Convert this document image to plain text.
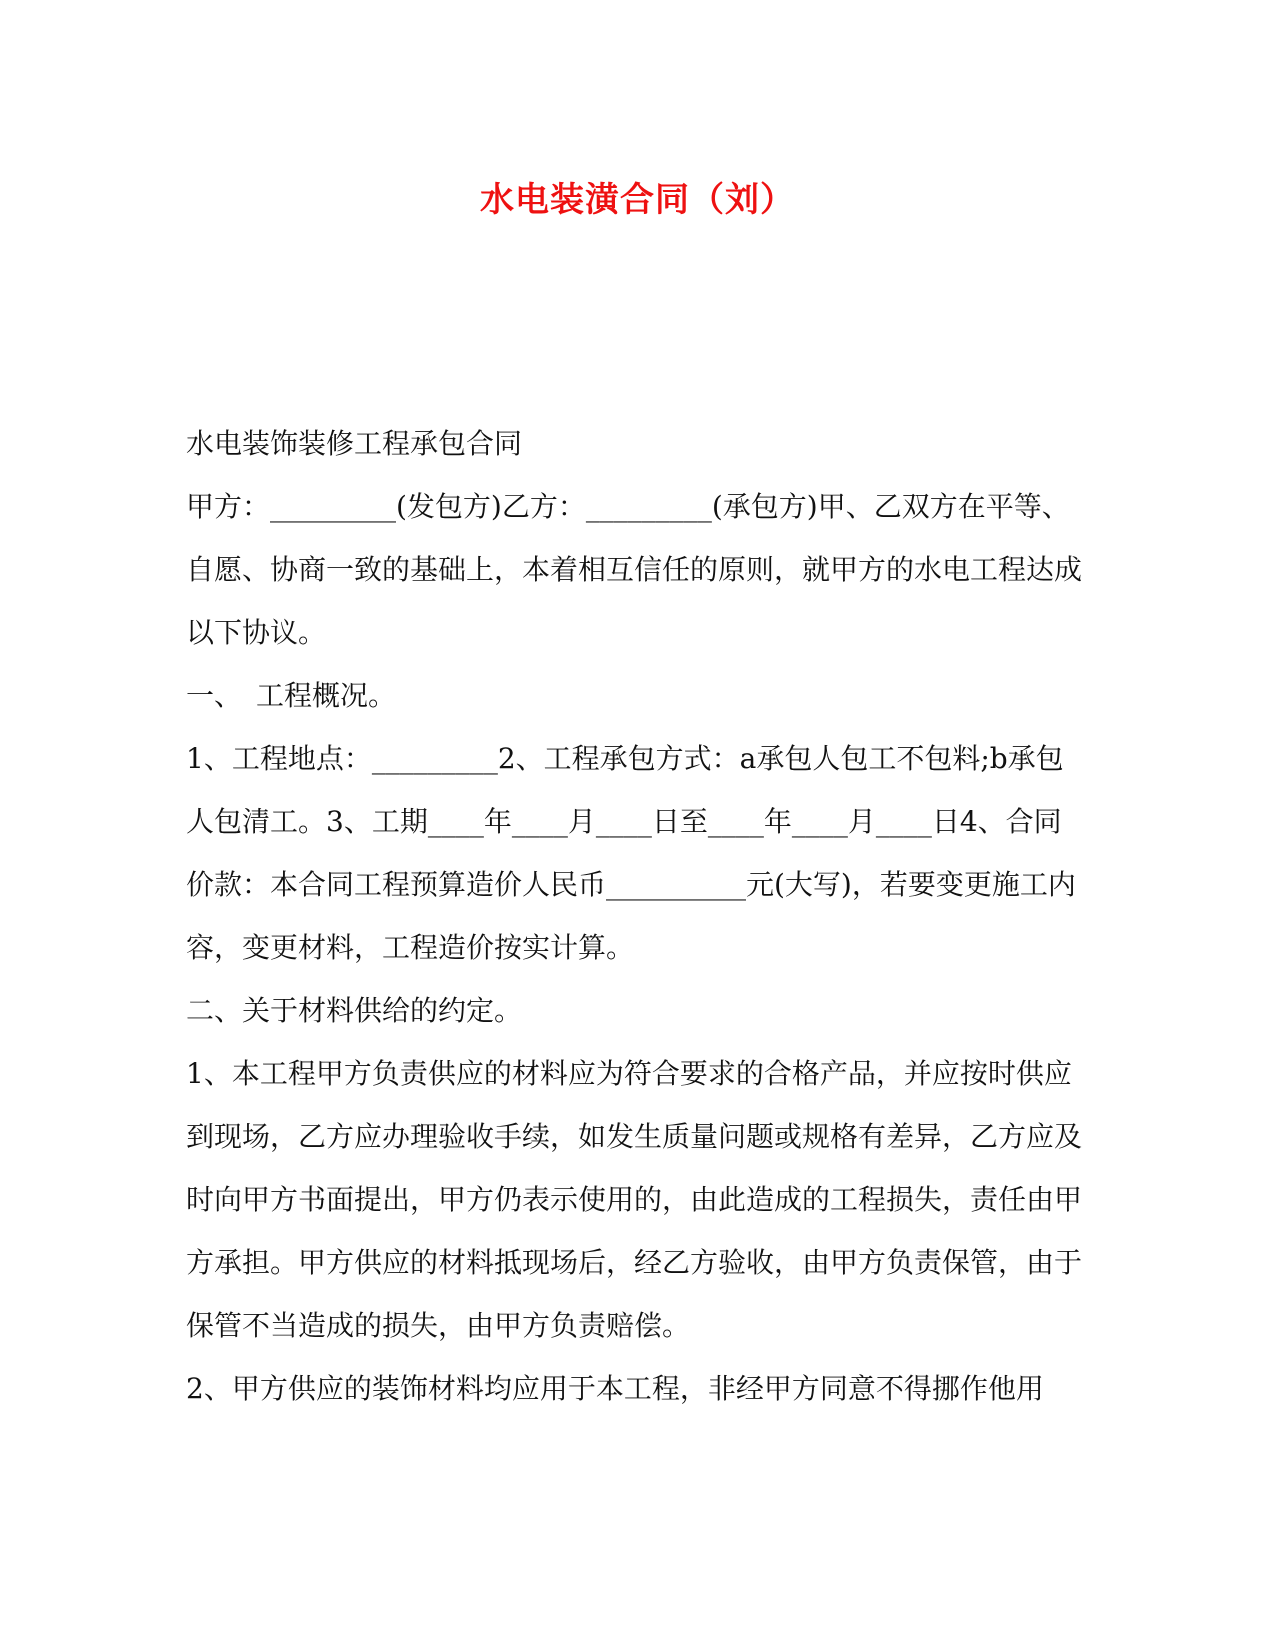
水电装潢合同（刘）

水电装饰装修工程承包合同

甲方：_________(发包方)乙方：_________(承包方)甲、乙双方在平等、自愿、协商一致的基础上，本着相互信任的原则，就甲方的水电工程达成以下协议。

一、　工程概况。

1、工程地点：_________2、工程承包方式：a承包人包工不包料;b承包人包清工。3、工期____年____月____日至____年____月____日4、合同价款：本合同工程预算造价人民币__________元(大写)，若要变更施工内容，变更材料，工程造价按实计算。

二、关于材料供给的约定。

1、本工程甲方负责供应的材料应为符合要求的合格产品，并应按时供应到现场，乙方应办理验收手续，如发生质量问题或规格有差异，乙方应及时向甲方书面提出，甲方仍表示使用的，由此造成的工程损失，责任由甲方承担。甲方供应的材料抵现场后，经乙方验收，由甲方负责保管，由于保管不当造成的损失，由甲方负责赔偿。

2、甲方供应的装饰材料均应用于本工程，非经甲方同意不得挪作他用
